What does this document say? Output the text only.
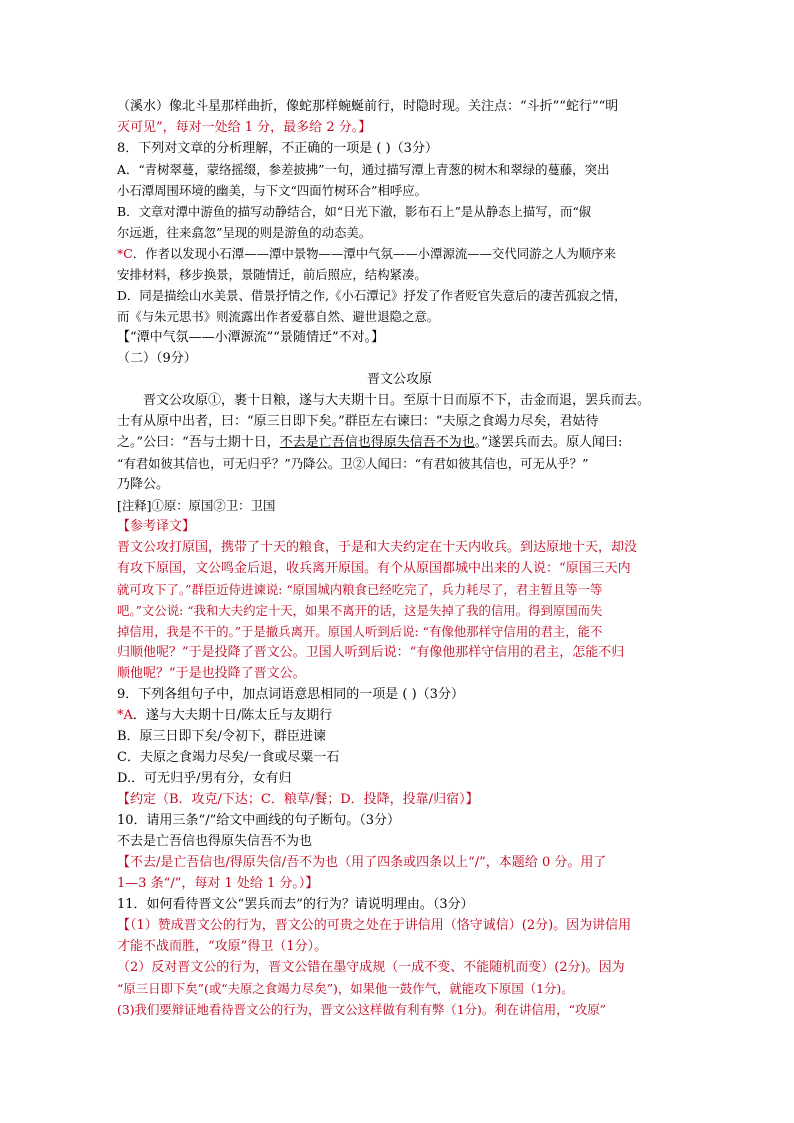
（溪水）像北斗星那样曲折，像蛇那样蜿蜒前行，时隐时现。关注点：“斗折”“蛇行”“明
灭可见”，每对一处给 1 分，最多给 2 分。】
8．下列对文章的分析理解，不正确的一项是 ( )（3分）
A．“青树翠蔓，蒙络摇缀，参差披拂”一句，通过描写潭上青葱的树木和翠绿的蔓藤，突出
小石潭周围环境的幽美，与下文“四面竹树环合”相呼应。
B．文章对潭中游鱼的描写动静结合，如“日光下澈，影布石上”是从静态上描写，而“俶
尔远逝，往来翕忽”呈现的则是游鱼的动态美。
*C．作者以发现小石潭——潭中景物——潭中气氛——小潭源流——交代同游之人为顺序来
安排材料，移步换景，景随情迁，前后照应，结构紧凑。
D．同是描绘山水美景、借景抒情之作,《小石潭记》抒发了作者贬官失意后的凄苦孤寂之情，
而《与朱元思书》则流露出作者爱慕自然、避世退隐之意。
【“潭中气氛——小潭源流”“景随情迁”不对。】
（二）（9分）
晋文公攻原
晋文公攻原①，裹十日粮，遂与大夫期十日。至原十日而原不下，击金而退，罢兵而去。
士有从原中出者，曰：“原三日即下矣。”群臣左右谏曰：“夫原之食竭力尽矣，君姑待
之。”公曰：“吾与士期十日，不去是亡吾信也得原失信吾不为也。”遂罢兵而去。原人闻曰:
“有君如彼其信也，可无归乎？”乃降公。卫②人闻曰：“有君如彼其信也，可无从乎？”
乃降公。
[注释]①原：原国②卫：卫国
【参考译文】
晋文公攻打原国，携带了十天的粮食，于是和大夫约定在十天内收兵。到达原地十天，却没
有攻下原国，文公鸣金后退，收兵离开原国。有个从原国都城中出来的人说：“原国三天内
就可攻下了。”群臣近侍进谏说: “原国城内粮食已经吃完了，兵力耗尽了，君主暂且等一等
吧。”文公说: “我和大夫约定十天，如果不离开的话，这是失掉了我的信用。得到原国而失
掉信用，我是不干的。”于是撤兵离开。原国人听到后说: “有像他那样守信用的君主，能不
归顺他呢？”于是投降了晋文公。卫国人听到后说：“有像他那样守信用的君主，怎能不归
顺他呢？”于是也投降了晋文公。
9．下列各组句子中，加点词语意思相同的一项是 ( )（3分）
*A．遂与大夫期十日/陈太丘与友期行
B．原三日即下矣/令初下，群臣进谏
C．夫原之食竭力尽矣/一食或尽粟一石
D.．可无归乎/男有分，女有归
【约定（B．攻克/下达；C．粮草/餐；D．投降，投靠/归宿）】
10．请用三条“/”给文中画线的句子断句。（3分）
不去是亡吾信也得原失信吾不为也
【不去/是亡吾信也/得原失信/吾不为也（用了四条或四条以上“/”，本题给 0 分。用了
1—3 条“/”，每对 1 处给 1 分。）】
11．如何看待晋文公“罢兵而去”的行为？请说明理由。（3分）
【（1）赞成晋文公的行为，晋文公的可贵之处在于讲信用（恪守诚信）(2分)。因为讲信用
才能不战而胜，“攻原”得卫（1分）。
（2）反对晋文公的行为，晋文公错在墨守成规（一成不变、不能随机而变）(2分)。因为
“原三日即下矣”(或“夫原之食竭力尽矣”)，如果他一鼓作气，就能攻下原国（1分)。
(3)我们要辩证地看待晋文公的行为，晋文公这样做有利有弊（1分)。利在讲信用，“攻原”
